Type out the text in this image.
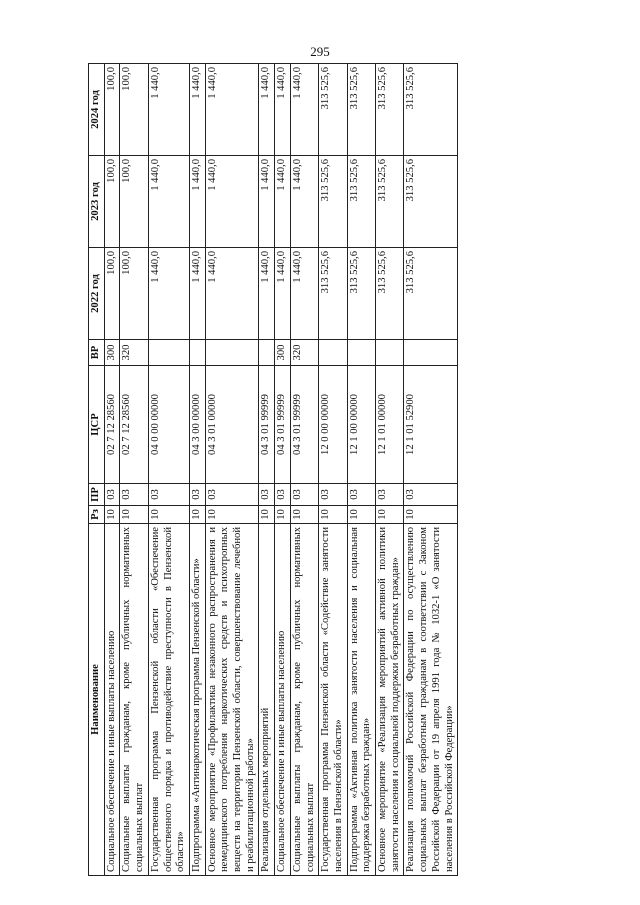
295
Наименование	Рз	ПР	ЦСР	ВР	2022 год	2023 год	2024 год
Социальное обеспечение и иные выплаты населению	10	03	02 7 12 28560	300	100,0	100,0	100,0
Социальные выплаты гражданам, кроме публичных нормативных социальных выплат	10	03	02 7 12 28560	320	100,0	100,0	100,0
Государственная программа Пензенской области «Обеспечение общественного порядка и противодействие преступности в Пензенской области»	10	03	04 0 00 00000		1 440,0	1 440,0	1 440,0
Подпрограмма «Антинаркотическая программа Пензенской области»	10	03	04 3 00 00000		1 440,0	1 440,0	1 440,0
Основное мероприятие «Профилактика незаконного распространения и немедицинского потребления наркотических средств и психотропных веществ на территории Пензенской области, совершенствование лечебной и реабилитационной работы»	10	03	04 3 01 00000		1 440,0	1 440,0	1 440,0
Реализация отдельных мероприятий	10	03	04 3 01 99999		1 440,0	1 440,0	1 440,0
Социальное обеспечение и иные выплаты населению	10	03	04 3 01 99999	300	1 440,0	1 440,0	1 440,0
Социальные выплаты гражданам, кроме публичных нормативных социальных выплат	10	03	04 3 01 99999	320	1 440,0	1 440,0	1 440,0
Государственная программа Пензенской области «Содействие занятости населения в Пензенской области»	10	03	12 0 00 00000		313 525,6	313 525,6	313 525,6
Подпрограмма «Активная политика занятости населения и социальная поддержка безработных граждан»	10	03	12 1 00 00000		313 525,6	313 525,6	313 525,6
Основное мероприятие «Реализация мероприятий активной политики занятости населения и социальной поддержки безработных граждан»	10	03	12 1 01 00000		313 525,6	313 525,6	313 525,6
Реализация полномочий Российской Федерации по осуществлению социальных выплат безработным гражданам в соответствии с Законом Российской Федерации от 19 апреля 1991 года № 1032-1 «О занятости населения в Российской Федерации»	10	03	12 1 01 52900		313 525,6	313 525,6	313 525,6
